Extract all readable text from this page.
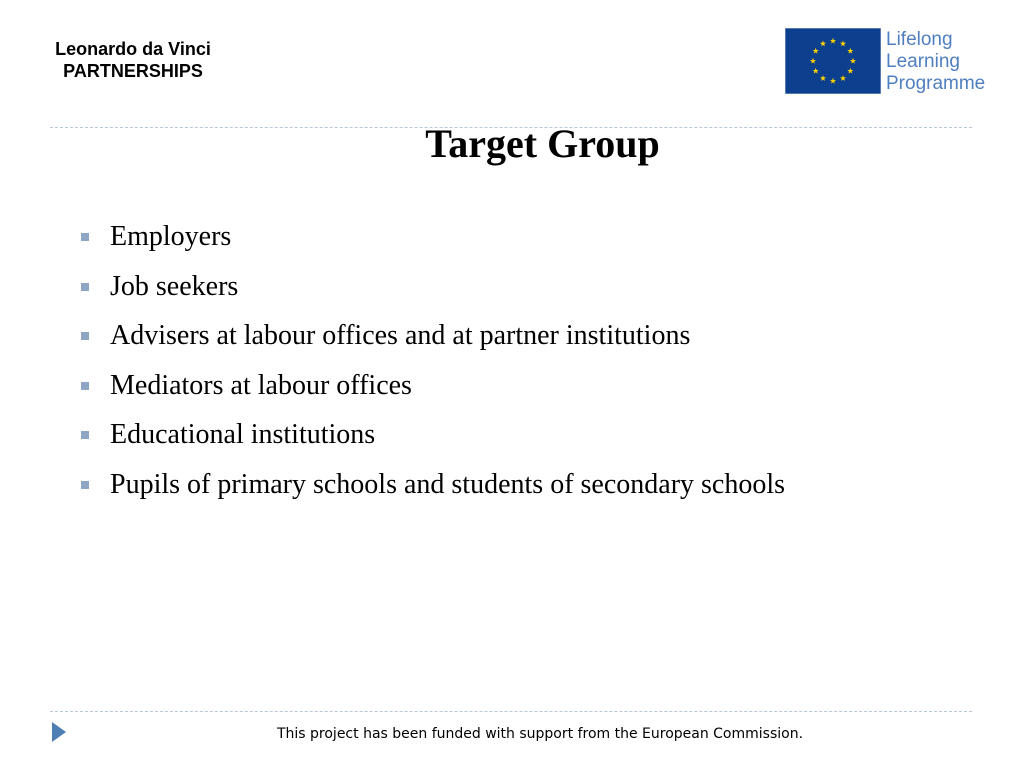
Leonardo da Vinci
PARTNERSHIPS
Lifelong
Learning
Programme
Target Group
Employers
Job seekers
Advisers at labour offices and at partner institutions
Mediators at labour offices
Educational institutions
Pupils of primary schools and students of secondary schools
This project has been funded with support from the European Commission.
